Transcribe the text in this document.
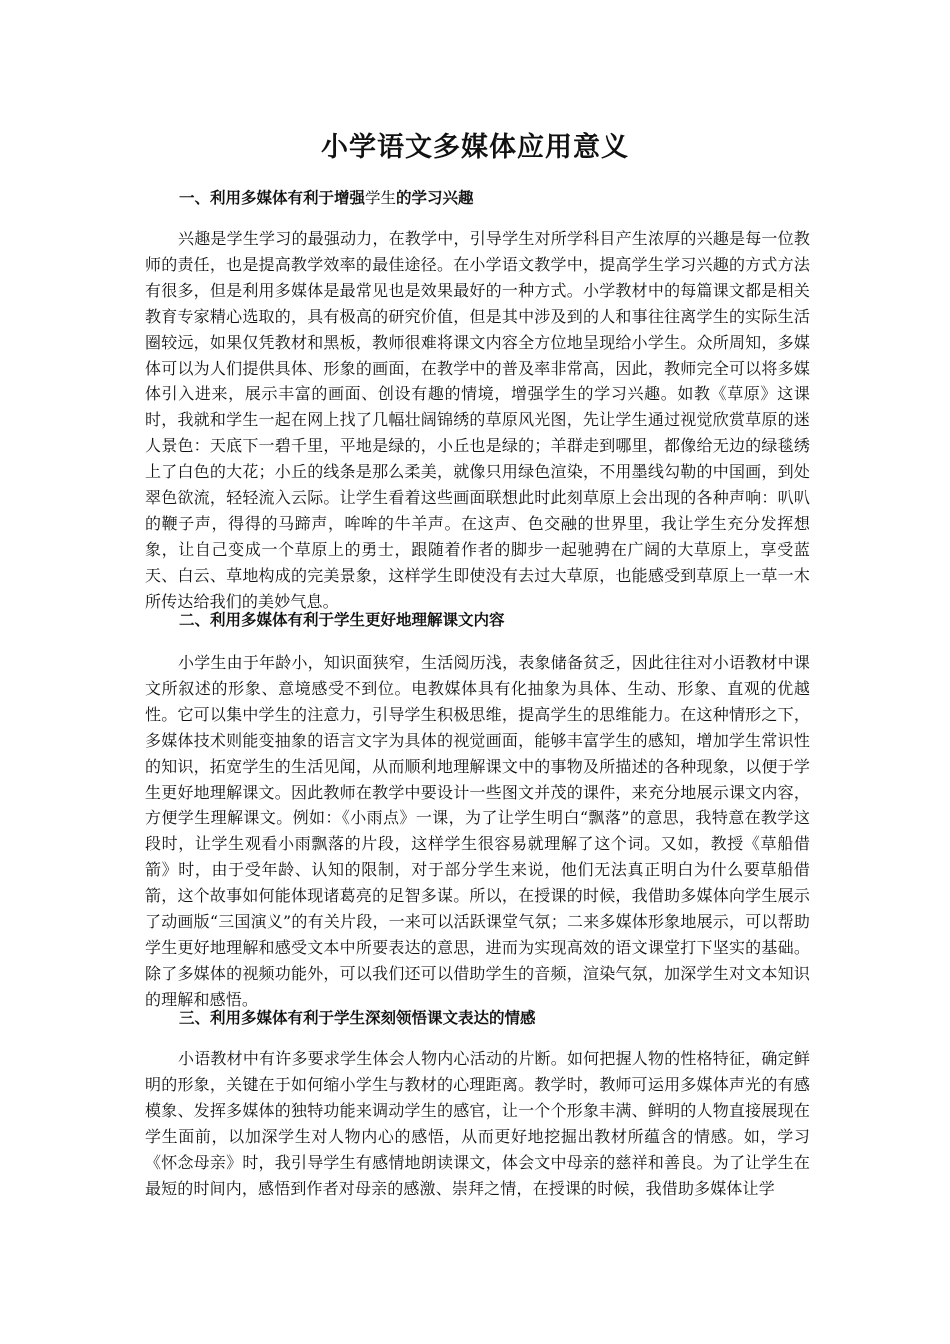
小学语文多媒体应用意义

一、利用多媒体有利于增强学生的学习兴趣

兴趣是学生学习的最强动力，在教学中，引导学生对所学科目产生浓厚的兴趣是每一位教师的责任，也是提高教学效率的最佳途径。在小学语文教学中，提高学生学习兴趣的方式方法有很多，但是利用多媒体是最常见也是效果最好的一种方式。小学教材中的每篇课文都是相关教育专家精心选取的，具有极高的研究价值，但是其中涉及到的人和事往往离学生的实际生活圈较远，如果仅凭教材和黑板，教师很难将课文内容全方位地呈现给小学生。众所周知，多媒体可以为人们提供具体、形象的画面，在教学中的普及率非常高，因此，教师完全可以将多媒体引入进来，展示丰富的画面、创设有趣的情境，增强学生的学习兴趣。如教《草原》这课时，我就和学生一起在网上找了几幅壮阔锦绣的草原风光图，先让学生通过视觉欣赏草原的迷人景色：天底下一碧千里，平地是绿的，小丘也是绿的；羊群走到哪里，都像给无边的绿毯绣上了白色的大花；小丘的线条是那么柔美，就像只用绿色渲染，不用墨线勾勒的中国画，到处翠色欲流，轻轻流入云际。让学生看着这些画面联想此时此刻草原上会出现的各种声响：叭叭的鞭子声，得得的马蹄声，哞哞的牛羊声。在这声、色交融的世界里，我让学生充分发挥想象，让自己变成一个草原上的勇士，跟随着作者的脚步一起驰骋在广阔的大草原上，享受蓝天、白云、草地构成的完美景象，这样学生即使没有去过大草原，也能感受到草原上一草一木所传达给我们的美妙气息。

二、利用多媒体有利于学生更好地理解课文内容

小学生由于年龄小，知识面狭窄，生活阅历浅，表象储备贫乏，因此往往对小语教材中课文所叙述的形象、意境感受不到位。电教媒体具有化抽象为具体、生动、形象、直观的优越性。它可以集中学生的注意力，引导学生积极思维，提高学生的思维能力。在这种情形之下，多媒体技术则能变抽象的语言文字为具体的视觉画面，能够丰富学生的感知，增加学生常识性的知识，拓宽学生的生活见闻，从而顺利地理解课文中的事物及所描述的各种现象，以便于学生更好地理解课文。因此教师在教学中要设计一些图文并茂的课件，来充分地展示课文内容，方便学生理解课文。例如：《小雨点》一课，为了让学生明白“飘落”的意思，我特意在教学这段时，让学生观看小雨飘落的片段，这样学生很容易就理解了这个词。又如，教授《草船借箭》时，由于受年龄、认知的限制，对于部分学生来说，他们无法真正明白为什么要草船借箭，这个故事如何能体现诸葛亮的足智多谋。所以，在授课的时候，我借助多媒体向学生展示了动画版“三国演义”的有关片段，一来可以活跃课堂气氛；二来多媒体形象地展示，可以帮助学生更好地理解和感受文本中所要表达的意思，进而为实现高效的语文课堂打下坚实的基础。除了多媒体的视频功能外，可以我们还可以借助学生的音频，渲染气氛，加深学生对文本知识的理解和感悟。

三、利用多媒体有利于学生深刻领悟课文表达的情感

小语教材中有许多要求学生体会人物内心活动的片断。如何把握人物的性格特征，确定鲜明的形象，关键在于如何缩小学生与教材的心理距离。教学时，教师可运用多媒体声光的有感模象、发挥多媒体的独特功能来调动学生的感官，让一个个形象丰满、鲜明的人物直接展现在学生面前，以加深学生对人物内心的感悟，从而更好地挖掘出教材所蕴含的情感。如，学习《怀念母亲》时，我引导学生有感情地朗读课文，体会文中母亲的慈祥和善良。为了让学生在最短的时间内，感悟到作者对母亲的感激、崇拜之情，在授课的时候，我借助多媒体让学
